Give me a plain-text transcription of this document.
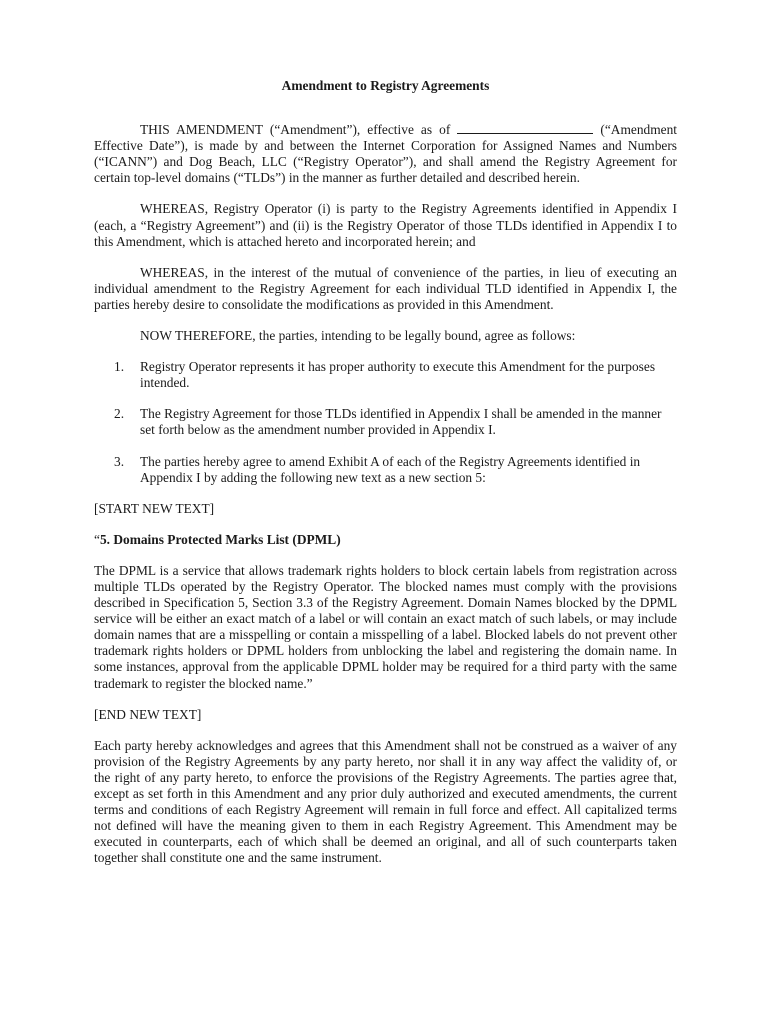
Amendment to Registry Agreements

THIS AMENDMENT (“Amendment”), effective as of	(“Amendment Effective Date”), is made by and between the Internet Corporation for Assigned Names and Numbers (“ICANN”) and Dog Beach, LLC (“Registry Operator”), and shall amend the Registry Agreement for certain top-level domains (“TLDs”) in the manner as further detailed and described herein.

WHEREAS, Registry Operator (i) is party to the Registry Agreements identified in Appendix I (each, a “Registry Agreement”) and (ii) is the Registry Operator of those TLDs identified in Appendix I to this Amendment, which is attached hereto and incorporated herein; and

WHEREAS, in the interest of the mutual of convenience of the parties, in lieu of executing an individual amendment to the Registry Agreement for each individual TLD identified in Appendix I, the parties hereby desire to consolidate the modifications as provided in this Amendment.

NOW THEREFORE, the parties, intending to be legally bound, agree as follows:

1.	Registry Operator represents it has proper authority to execute this Amendment for the purposes intended.
2.	The Registry Agreement for those TLDs identified in Appendix I shall be amended in the manner set forth below as the amendment number provided in Appendix I.
3.	The parties hereby agree to amend Exhibit A of each of the Registry Agreements identified in Appendix I by adding the following new text as a new section 5:

[START NEW TEXT]

“5. Domains Protected Marks List (DPML)

The DPML is a service that allows trademark rights holders to block certain labels from registration across multiple TLDs operated by the Registry Operator. The blocked names must comply with the provisions described in Specification 5, Section 3.3 of the Registry Agreement. Domain Names blocked by the DPML service will be either an exact match of a label or will contain an exact match of such labels, or may include domain names that are a misspelling or contain a misspelling of a label. Blocked labels do not prevent other trademark rights holders or DPML holders from unblocking the label and registering the domain name. In some instances, approval from the applicable DPML holder may be required for a third party with the same trademark to register the blocked name.”

[END NEW TEXT]

Each party hereby acknowledges and agrees that this Amendment shall not be construed as a waiver of any provision of the Registry Agreements by any party hereto, nor shall it in any way affect the validity of, or the right of any party hereto, to enforce the provisions of the Registry Agreements. The parties agree that, except as set forth in this Amendment and any prior duly authorized and executed amendments, the current terms and conditions of each Registry Agreement will remain in full force and effect. All capitalized terms not defined will have the meaning given to them in each Registry Agreement. This Amendment may be executed in counterparts, each of which shall be deemed an original, and all of such counterparts taken together shall constitute one and the same instrument.
